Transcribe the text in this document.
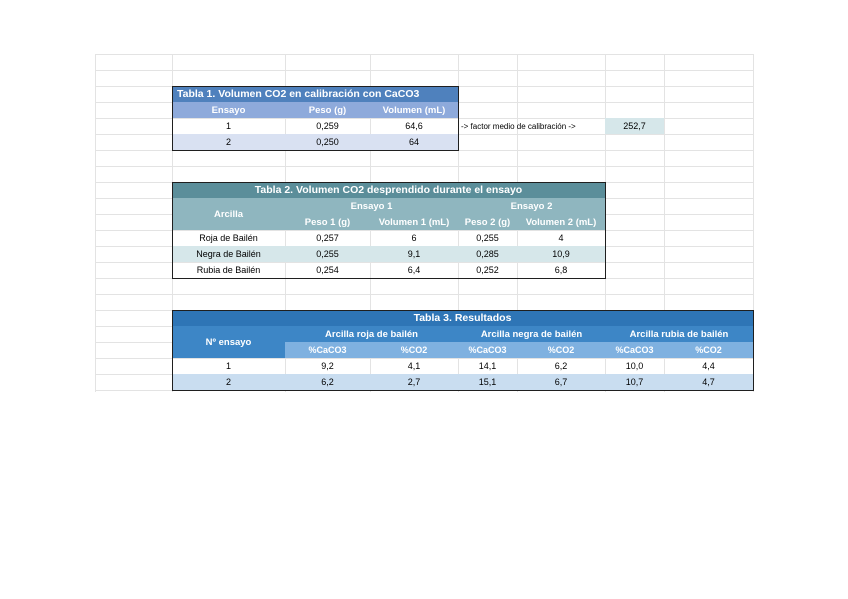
Tabla 1. Volumen CO2 en calibración con CaCO3
Ensayo	Peso (g)	Volumen (mL)
1	0,259	64,6
2	0,250	64
-> factor medio de calibración ->	252,7
Tabla 2. Volumen CO2 desprendido durante el ensayo
Arcilla
Ensayo 1	Ensayo 2
Peso 1 (g)	Volumen 1 (mL)	Peso 2 (g)	Volumen 2 (mL)
Roja de Bailén	0,257	6	0,255	4
Negra de Bailén	0,255	9,1	0,285	10,9
Rubia de Bailén	0,254	6,4	0,252	6,8
Tabla 3. Resultados
Nº ensayo
Arcilla roja de bailén	Arcilla negra de bailén	Arcilla rubia de bailén
%CaCO3	%CO2	%CaCO3	%CO2	%CaCO3	%CO2
1	9,2	4,1	14,1	6,2	10,0	4,4
2	6,2	2,7	15,1	6,7	10,7	4,7
